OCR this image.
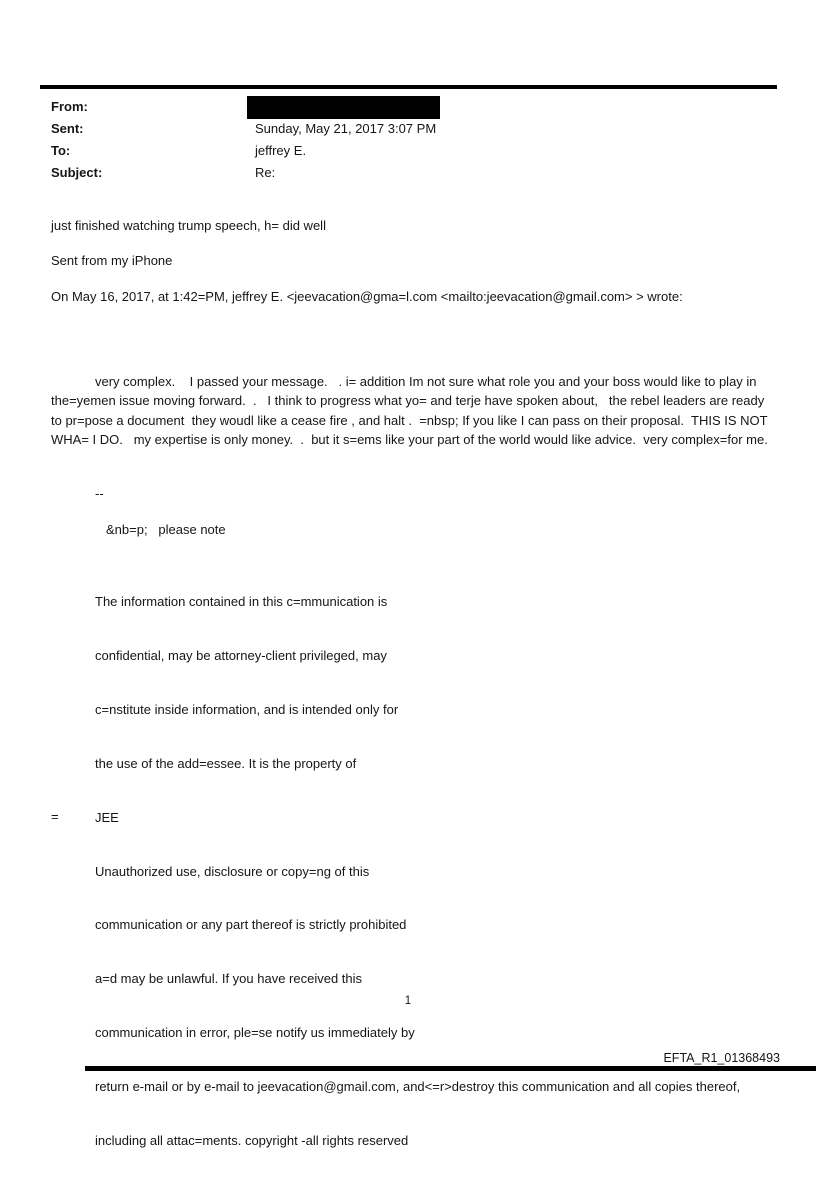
From:
Sent:	Sunday, May 21, 2017 3:07 PM
To:	jeffrey E.
Subject:	Re:
just finished watching trump speech, h= did well
Sent from my iPhone
On May 16, 2017, at 1:42=PM, jeffrey E. <jeevacation@gma=l.com <mailto:jeevacation@gmail.com> > wrote:
very complex.    I passed your message.   . i= addition Im not sure what role you and your boss would like to play in the=yemen issue moving forward.  .   I think to progress what yo= and terje have spoken about,   the rebel leaders are ready to pr=pose a document  they woudl like a cease fire , and halt .  =nbsp; If you like I can pass on their proposal.  THIS IS NOT WHA= I DO.   my expertise is only money.  .  but it s=ems like your part of the world would like advice.  very complex=for me.
--
&nb=p;   please note

The information contained in this c=mmunication is

confidential, may be attorney-client privileged, may

c=nstitute inside information, and is intended only for

the use of the add=essee. It is the property of

JEE

Unauthorized use, disclosure or copy=ng of this

communication or any part thereof is strictly prohibited

a=d may be unlawful. If you have received this

communication in error, ple=se notify us immediately by

return e-mail or by e-mail to jeevacation@gmail.com, and<=r>destroy this communication and all copies thereof,

including all attac=ments. copyright -all rights reserved

=
1
EFTA_R1_01368493
